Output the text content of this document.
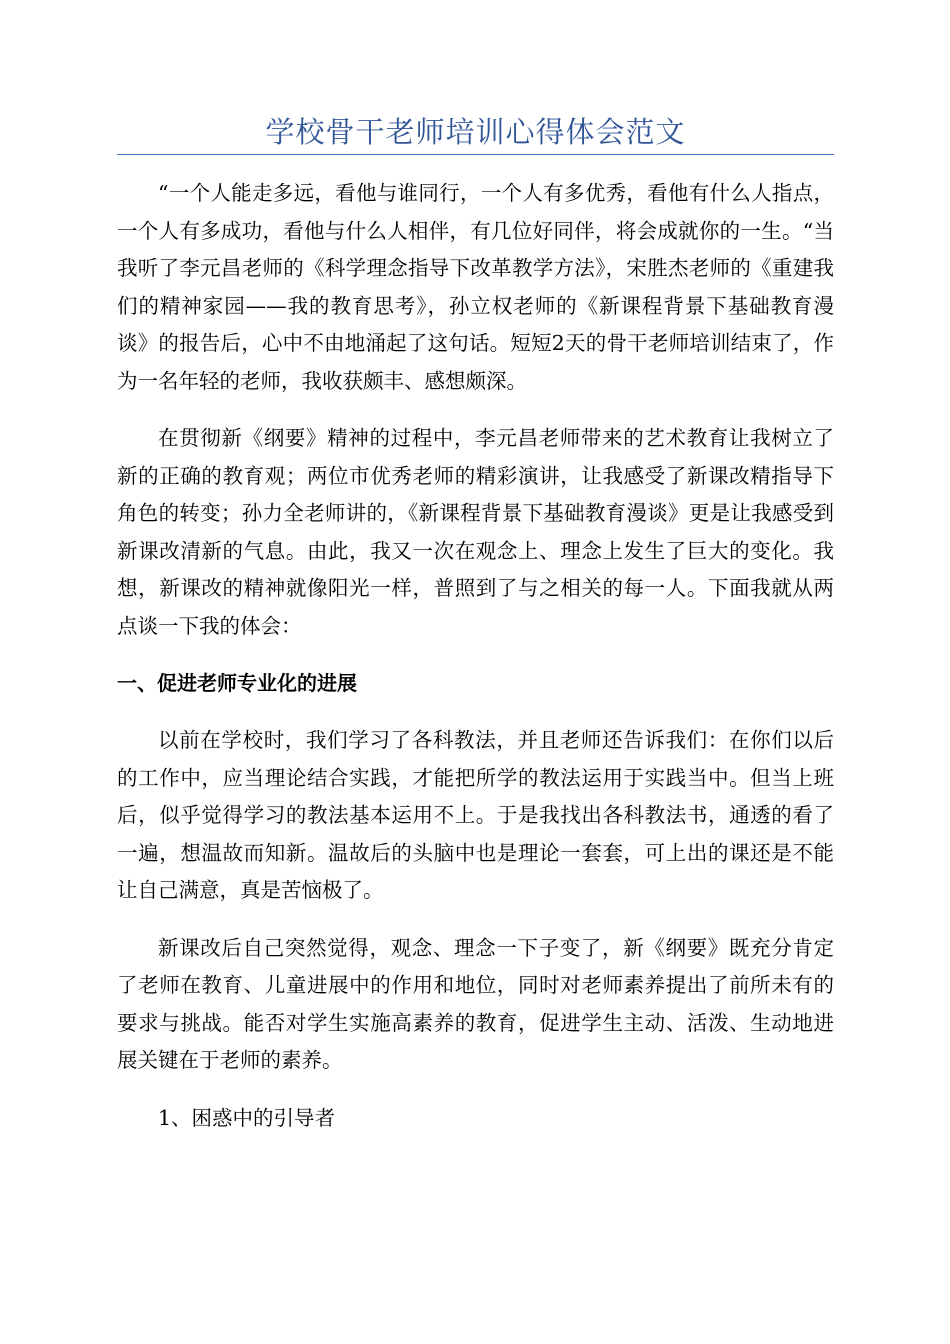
学校骨干老师培训心得体会范文

“一个人能走多远，看他与谁同行，一个人有多优秀，看他有什么人指点，一个人有多成功，看他与什么人相伴，有几位好同伴，将会成就你的一生。“当我听了李元昌老师的《科学理念指导下改革教学方法》，宋胜杰老师的《重建我们的精神家园——我的教育思考》，孙立权老师的《新课程背景下基础教育漫谈》的报告后，心中不由地涌起了这句话。短短2天的骨干老师培训结束了，作为一名年轻的老师，我收获颇丰、感想颇深。

在贯彻新《纲要》精神的过程中，李元昌老师带来的艺术教育让我树立了新的正确的教育观；两位市优秀老师的精彩演讲，让我感受了新课改精指导下角色的转变；孙力全老师讲的，《新课程背景下基础教育漫谈》更是让我感受到新课改清新的气息。由此，我又一次在观念上、理念上发生了巨大的变化。我想，新课改的精神就像阳光一样，普照到了与之相关的每一人。下面我就从两点谈一下我的体会：

一、促进老师专业化的进展

以前在学校时，我们学习了各科教法，并且老师还告诉我们：在你们以后的工作中，应当理论结合实践，才能把所学的教法运用于实践当中。但当上班后，似乎觉得学习的教法基本运用不上。于是我找出各科教法书，通透的看了一遍，想温故而知新。温故后的头脑中也是理论一套套，可上出的课还是不能让自己满意，真是苦恼极了。

新课改后自己突然觉得，观念、理念一下子变了，新《纲要》既充分肯定了老师在教育、儿童进展中的作用和地位，同时对老师素养提出了前所未有的要求与挑战。能否对学生实施高素养的教育，促进学生主动、活泼、生动地进展关键在于老师的素养。

1、困惑中的引导者
